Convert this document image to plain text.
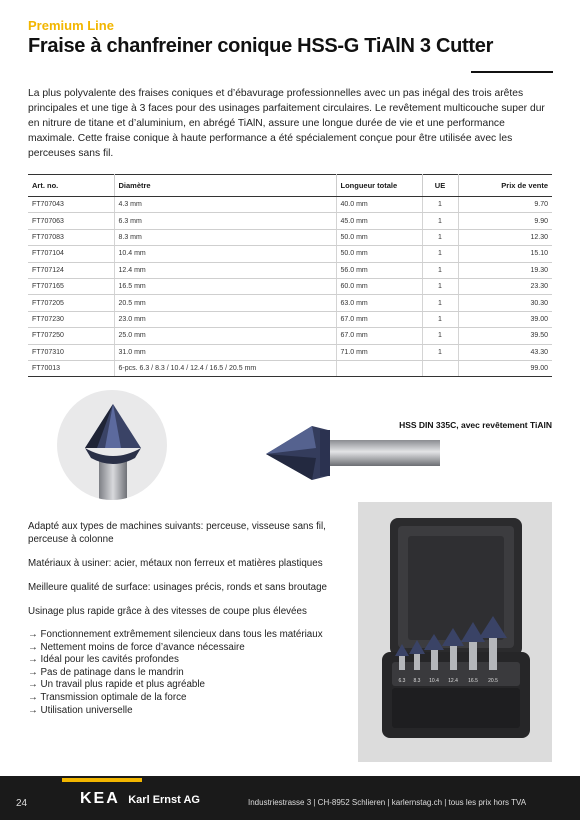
Premium Line
Fraise à chanfreiner conique HSS-G TiAlN 3 Cutter

La plus polyvalente des fraises coniques et d’ébavurage professionnelles avec un pas inégal des trois arêtes principales et une tige à 3 faces pour des usinages parfaitement circulaires. Le revêtement multicouche super dur en nitrure de titane et d’aluminium, en abrégé TiAlN, assure une longue durée de vie et une performance maximale. Cette fraise conique à haute performance a été spécialement conçue pour être utilisée avec les perceuses sans fil.

Art. no.	Diamètre	Longueur totale	UE	Prix de vente
FT707043	4.3 mm	40.0 mm	1	9.70
FT707063	6.3 mm	45.0 mm	1	9.90
FT707083	8.3 mm	50.0 mm	1	12.30
FT707104	10.4 mm	50.0 mm	1	15.10
FT707124	12.4 mm	56.0 mm	1	19.30
FT707165	16.5 mm	60.0 mm	1	23.30
FT707205	20.5 mm	63.0 mm	1	30.30
FT707230	23.0 mm	67.0 mm	1	39.00
FT707250	25.0 mm	67.0 mm	1	39.50
FT707310	31.0 mm	71.0 mm	1	43.30
FT70013	6-pcs. 6.3 / 8.3 / 10.4 / 12.4 / 16.5 / 20.5 mm			99.00
HSS DIN 335C, avec revêtement TiAlN

Adapté aux types de machines suivants: perceuse, visseuse sans fil, perceuse à colonne

Matériaux à usiner: acier, métaux non ferreux et matières plastiques

Meilleure qualité de surface: usinages précis, ronds et sans broutage

Usinage plus rapide grâce à des vitesses de coupe plus élevées

→ Fonctionnement extrêmement silencieux dans tous les matériaux
→ Nettement moins de force d’avance nécessaire
→ Idéal pour les cavités profondes
→ Pas de patinage dans le mandrin
→ Un travail plus rapide et plus agréable
→ Transmission optimale de la force
→ Utilisation universelle
6.3 8.3 10.4 12.4 16.5 20.5
24	KEA Karl Ernst AG	Industriestrasse 3 | CH-8952 Schlieren | karlernstag.ch | tous les prix hors TVA
